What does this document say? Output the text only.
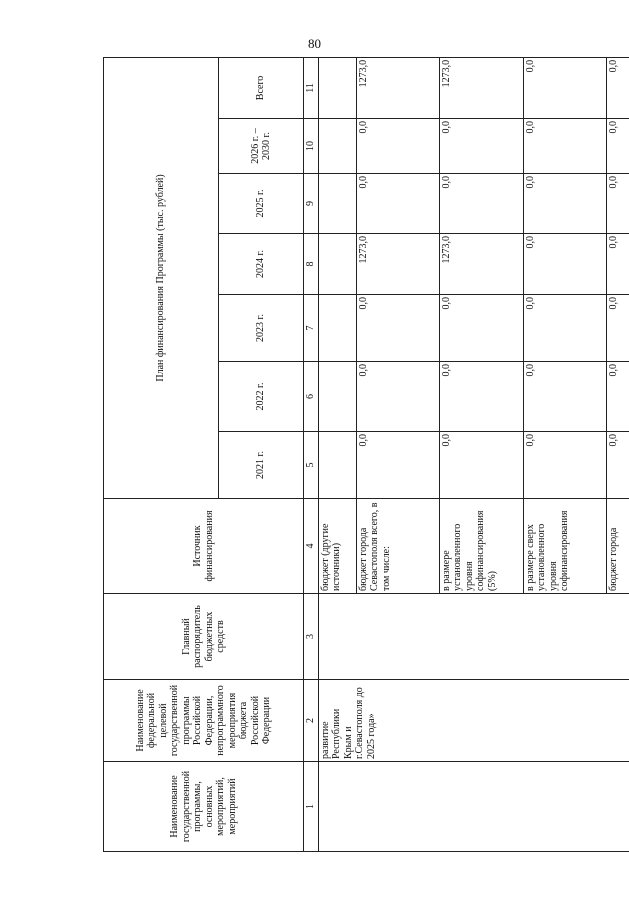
80
Наименование государственной программы, основных мероприятий, мероприятий	Наименование федеральной целевой государственной программы Российской Федерации, непрограммного мероприятия бюджета Российской Федерации	Главный распорядитель бюджетных средств	Источник финансирования	План финансирования Программы (тыс. рублей)						
				2021 г.	2022 г.	2023 г.	2024 г.	2025 г.	2026 г. – 2030 г.	Всего
1	2	3	4	5	6	7	8	9	10	11
	развитие Республики Крым и г.Севастополя до 2025 года»		бюджет (другие источники)							
			бюджет города Севастополя всего, в том числе:	0,0	0,0	0,0	1273,0	0,0	0,0	1273,0
			в размере установленного уровня софинансирования (5%)	0,0	0,0	0,0	1273,0	0,0	0,0	1273,0
			в размере сверх установленного уровня софинансирования	0,0	0,0	0,0	0,0	0,0	0,0	0,0
			бюджет города	0,0	0,0	0,0	0,0	0,0	0,0	0,0
